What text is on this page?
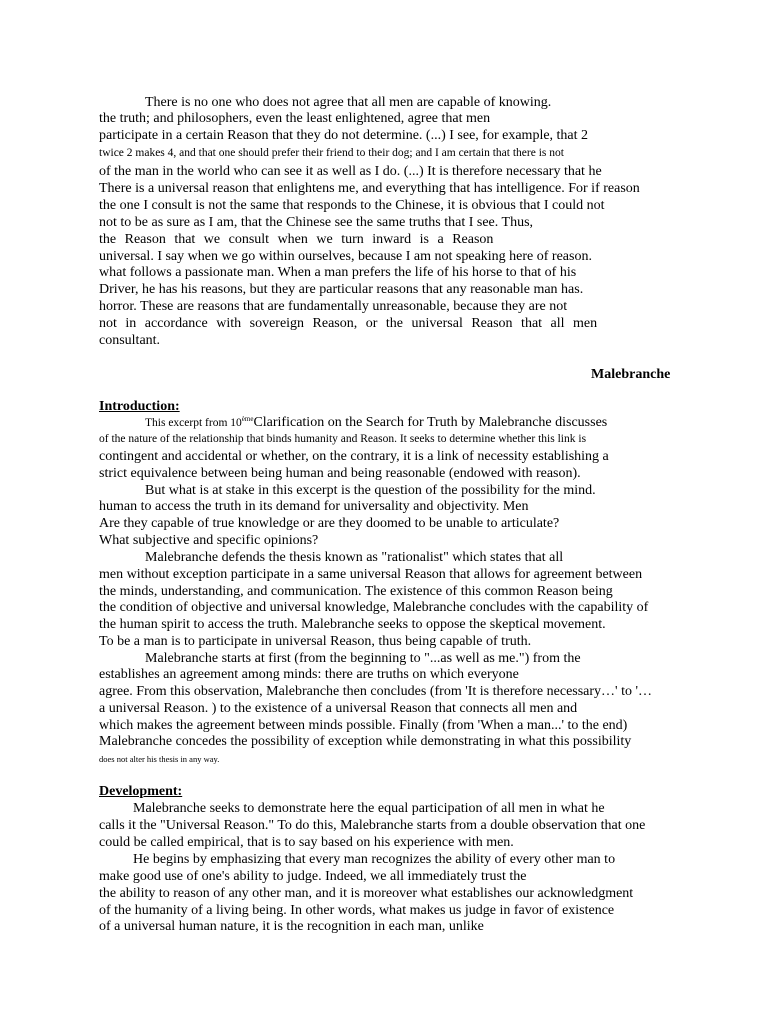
There is no one who does not agree that all men are capable of knowing.
the truth; and philosophers, even the least enlightened, agree that men
participate in a certain Reason that they do not determine. (...) I see, for example, that 2
twice 2 makes 4, and that one should prefer their friend to their dog; and I am certain that there is not
of the man in the world who can see it as well as I do. (...) It is therefore necessary that he
There is a universal reason that enlightens me, and everything that has intelligence. For if reason
the one I consult is not the same that responds to the Chinese, it is obvious that I could not
not to be as sure as I am, that the Chinese see the same truths that I see. Thus,
the Reason that we consult when we turn inward is a Reason
universal. I say when we go within ourselves, because I am not speaking here of reason.
what follows a passionate man. When a man prefers the life of his horse to that of his
Driver, he has his reasons, but they are particular reasons that any reasonable man has.
horror. These are reasons that are fundamentally unreasonable, because they are not
not in accordance with sovereign Reason, or the universal Reason that all men
consultant.
Malebranche
Introduction:
This excerpt from 10èmeClarification on the Search for Truth by Malebranche discusses
of the nature of the relationship that binds humanity and Reason. It seeks to determine whether this link is
contingent and accidental or whether, on the contrary, it is a link of necessity establishing a
strict equivalence between being human and being reasonable (endowed with reason).
But what is at stake in this excerpt is the question of the possibility for the mind.
human to access the truth in its demand for universality and objectivity. Men
Are they capable of true knowledge or are they doomed to be unable to articulate?
What subjective and specific opinions?
Malebranche defends the thesis known as "rationalist" which states that all
men without exception participate in a same universal Reason that allows for agreement between
the minds, understanding, and communication. The existence of this common Reason being
the condition of objective and universal knowledge, Malebranche concludes with the capability of
the human spirit to access the truth. Malebranche seeks to oppose the skeptical movement.
To be a man is to participate in universal Reason, thus being capable of truth.
Malebranche starts at first (from the beginning to "...as well as me.") from the
establishes an agreement among minds: there are truths on which everyone
agree. From this observation, Malebranche then concludes (from 'It is therefore necessary…' to '…
a universal Reason. ) to the existence of a universal Reason that connects all men and
which makes the agreement between minds possible. Finally (from 'When a man...' to the end)
Malebranche concedes the possibility of exception while demonstrating in what this possibility
does not alter his thesis in any way.
Development:
Malebranche seeks to demonstrate here the equal participation of all men in what he
calls it the "Universal Reason." To do this, Malebranche starts from a double observation that one
could be called empirical, that is to say based on his experience with men.
He begins by emphasizing that every man recognizes the ability of every other man to
make good use of one's ability to judge. Indeed, we all immediately trust the
the ability to reason of any other man, and it is moreover what establishes our acknowledgment
of the humanity of a living being. In other words, what makes us judge in favor of existence
of a universal human nature, it is the recognition in each man, unlike
